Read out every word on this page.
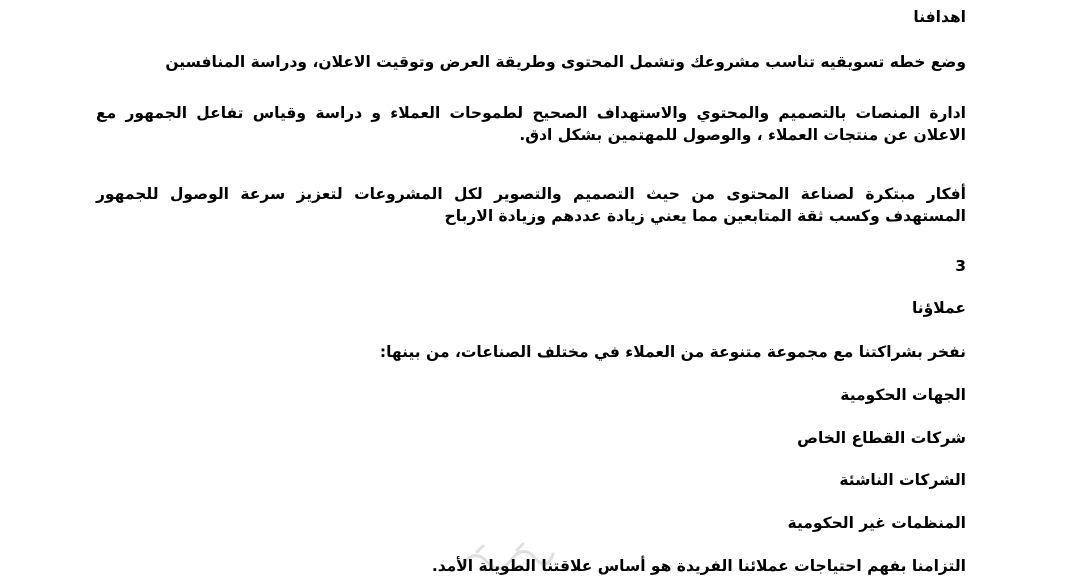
اهدافنا

وضع خطه تسويقيه تناسب مشروعك وتشمل المحتوى وطريقة العرض وتوقيت الاعلان، ودراسة المنافسين

ادارة المنصات بالتصميم والمحتوي والاستهداف الصحيح لطموحات العملاء و دراسة وقياس تفاعل الجمهور مع الاعلان عن منتجات العملاء ، والوصول للمهتمين بشكل ادق.

أفكار مبتكرة لصناعة المحتوى من حيث التصميم والتصوير لكل المشروعات لتعزيز سرعة الوصول للجمهور المستهدف وكسب ثقة المتابعين مما يعني زيادة عددهم وزيادة الارباح

3

عملاؤنا

نفخر بشراكتنا مع مجموعة متنوعة من العملاء في مختلف الصناعات، من بينها:

الجهات الحكومية

شركات القطاع الخاص

الشركات الناشئة

المنظمات غير الحكومية

التزامنا بفهم احتياجات عملائنا الفريدة هو أساس علاقتنا الطويلة الأمد.
